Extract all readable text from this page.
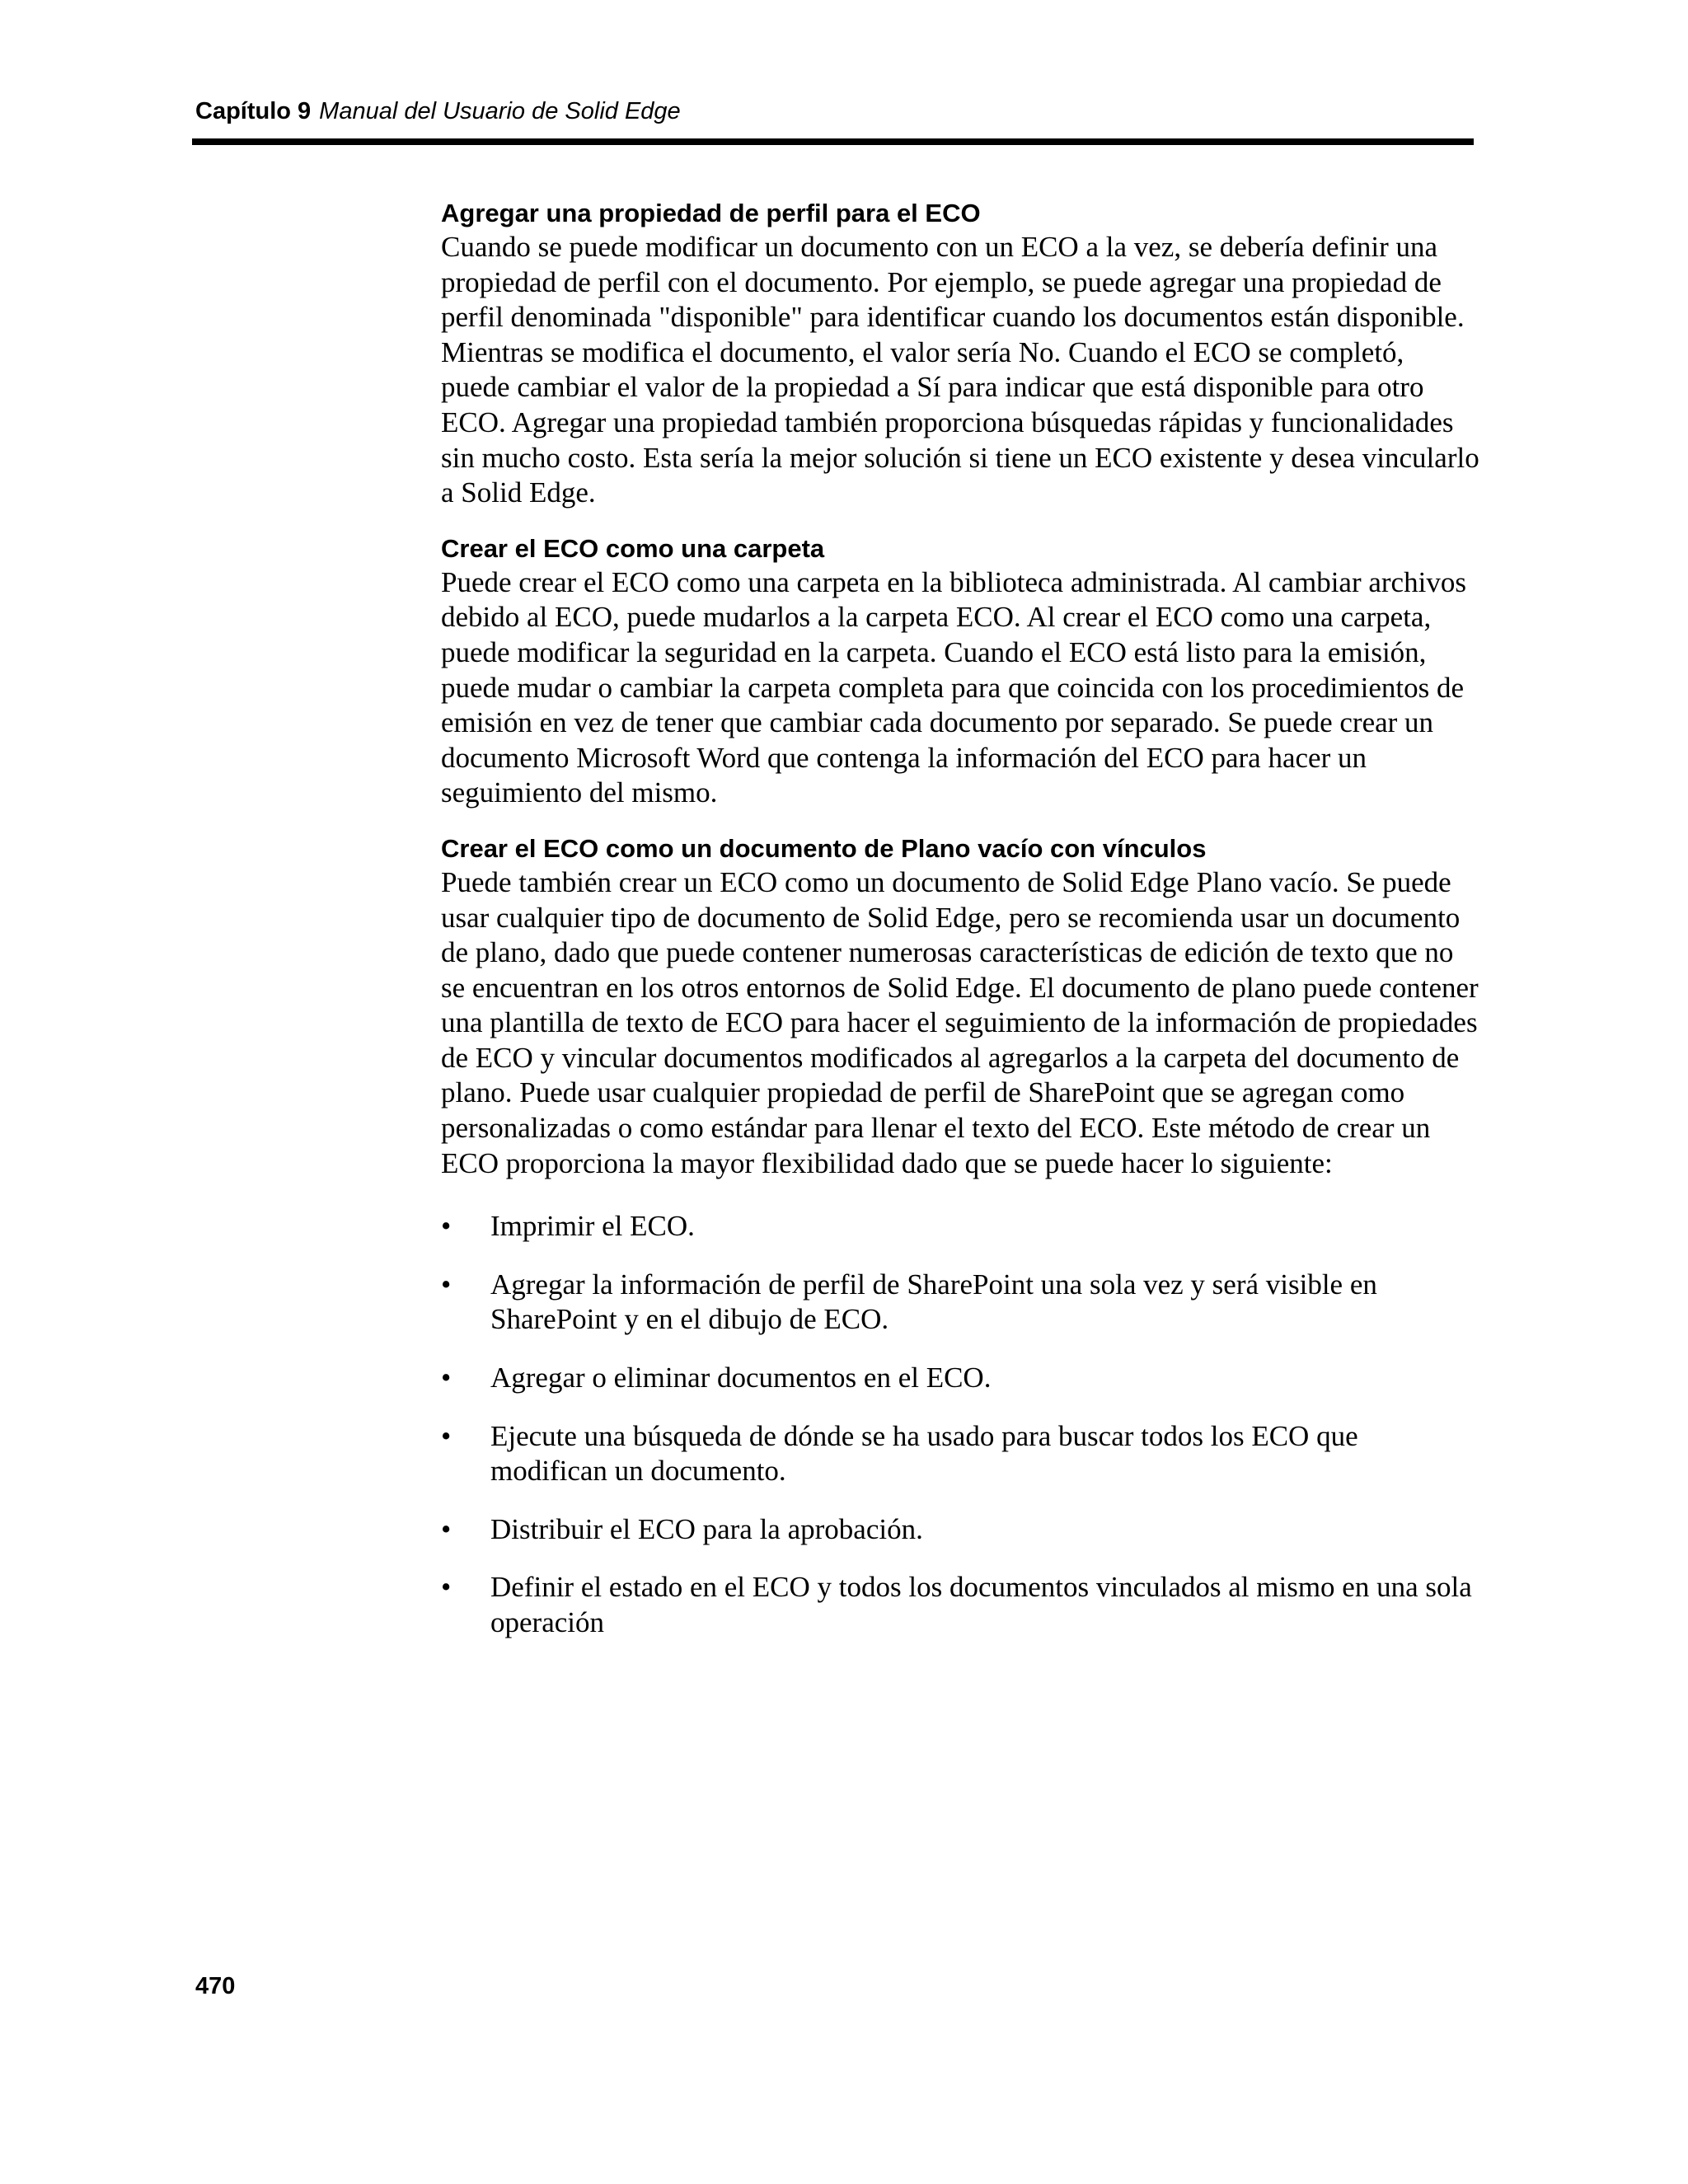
Capítulo 9 Manual del Usuario de Solid Edge
Agregar una propiedad de perfil para el ECO

Cuando se puede modificar un documento con un ECO a la vez, se debería definir una propiedad de perfil con el documento. Por ejemplo, se puede agregar una propiedad de perfil denominada "disponible" para identificar cuando los documentos están disponible. Mientras se modifica el documento, el valor sería No. Cuando el ECO se completó, puede cambiar el valor de la propiedad a Sí para indicar que está disponible para otro ECO. Agregar una propiedad también proporciona búsquedas rápidas y funcionalidades sin mucho costo. Esta sería la mejor solución si tiene un ECO existente y desea vincularlo a Solid Edge.

Crear el ECO como una carpeta

Puede crear el ECO como una carpeta en la biblioteca administrada. Al cambiar archivos debido al ECO, puede mudarlos a la carpeta ECO. Al crear el ECO como una carpeta, puede modificar la seguridad en la carpeta. Cuando el ECO está listo para la emisión, puede mudar o cambiar la carpeta completa para que coincida con los procedimientos de emisión en vez de tener que cambiar cada documento por separado. Se puede crear un documento Microsoft Word que contenga la información del ECO para hacer un seguimiento del mismo.

Crear el ECO como un documento de Plano vacío con vínculos

Puede también crear un ECO como un documento de Solid Edge Plano vacío. Se puede usar cualquier tipo de documento de Solid Edge, pero se recomienda usar un documento de plano, dado que puede contener numerosas características de edición de texto que no se encuentran en los otros entornos de Solid Edge. El documento de plano puede contener una plantilla de texto de ECO para hacer el seguimiento de la información de propiedades de ECO y vincular documentos modificados al agregarlos a la carpeta del documento de plano. Puede usar cualquier propiedad de perfil de SharePoint que se agregan como personalizadas o como estándar para llenar el texto del ECO. Este método de crear un ECO proporciona la mayor flexibilidad dado que se puede hacer lo siguiente:

• Imprimir el ECO.
• Agregar la información de perfil de SharePoint una sola vez y será visible en SharePoint y en el dibujo de ECO.
• Agregar o eliminar documentos en el ECO.
• Ejecute una búsqueda de dónde se ha usado para buscar todos los ECO que modifican un documento.
• Distribuir el ECO para la aprobación.
• Definir el estado en el ECO y todos los documentos vinculados al mismo en una sola operación
470
